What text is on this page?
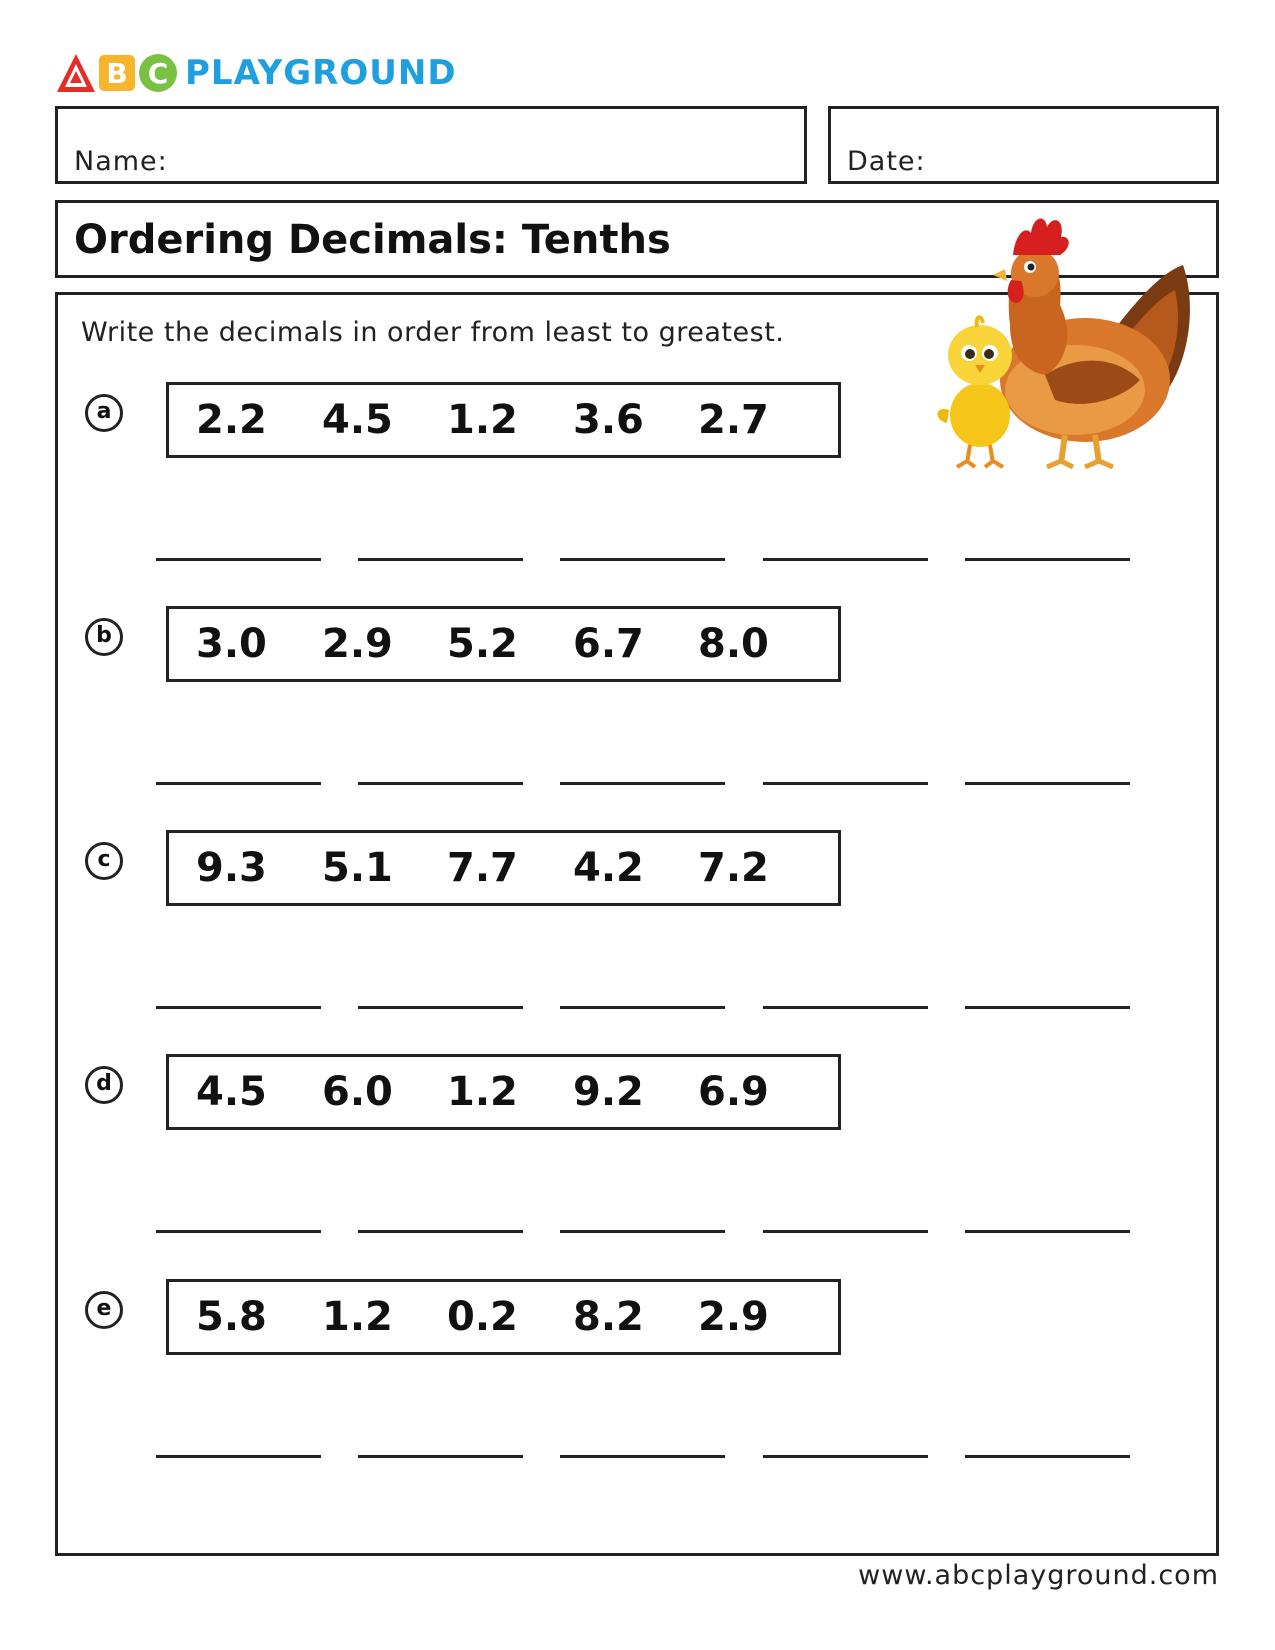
B C PLAYGROUND
Name:	Date:
Ordering Decimals: Tenths
Write the decimals in order from least to greatest.
a 2.2 4.5 1.2 3.6 2.7
b 3.0 2.9 5.2 6.7 8.0
c	9.3 5.1 7.7 4.2 7.2
d 4.5 6.0 1.2 9.2 6.9
e 5.8 1.2 0.2 8.2 2.9
www.abcplayground.com
